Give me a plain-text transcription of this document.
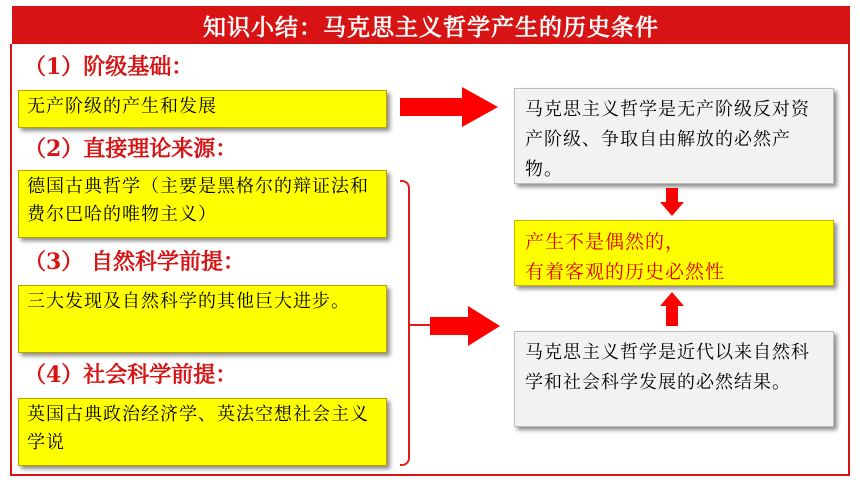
知识小结：马克思主义哲学产生的历史条件
（1）阶级基础：
无产阶级的产生和发展
（2）直接理论来源：
德国古典哲学（主要是黑格尔的辩证法和费尔巴哈的唯物主义）
（3） 自然科学前提：
三大发现及自然科学的其他巨大进步。
（4）社会科学前提：
英国古典政治经济学、英法空想社会主义学说
马克思主义哲学是无产阶级反对资产阶级、争取自由解放的必然产物。
产生不是偶然的，
有着客观的历史必然性
马克思主义哲学是近代以来自然科学和社会科学发展的必然结果。
